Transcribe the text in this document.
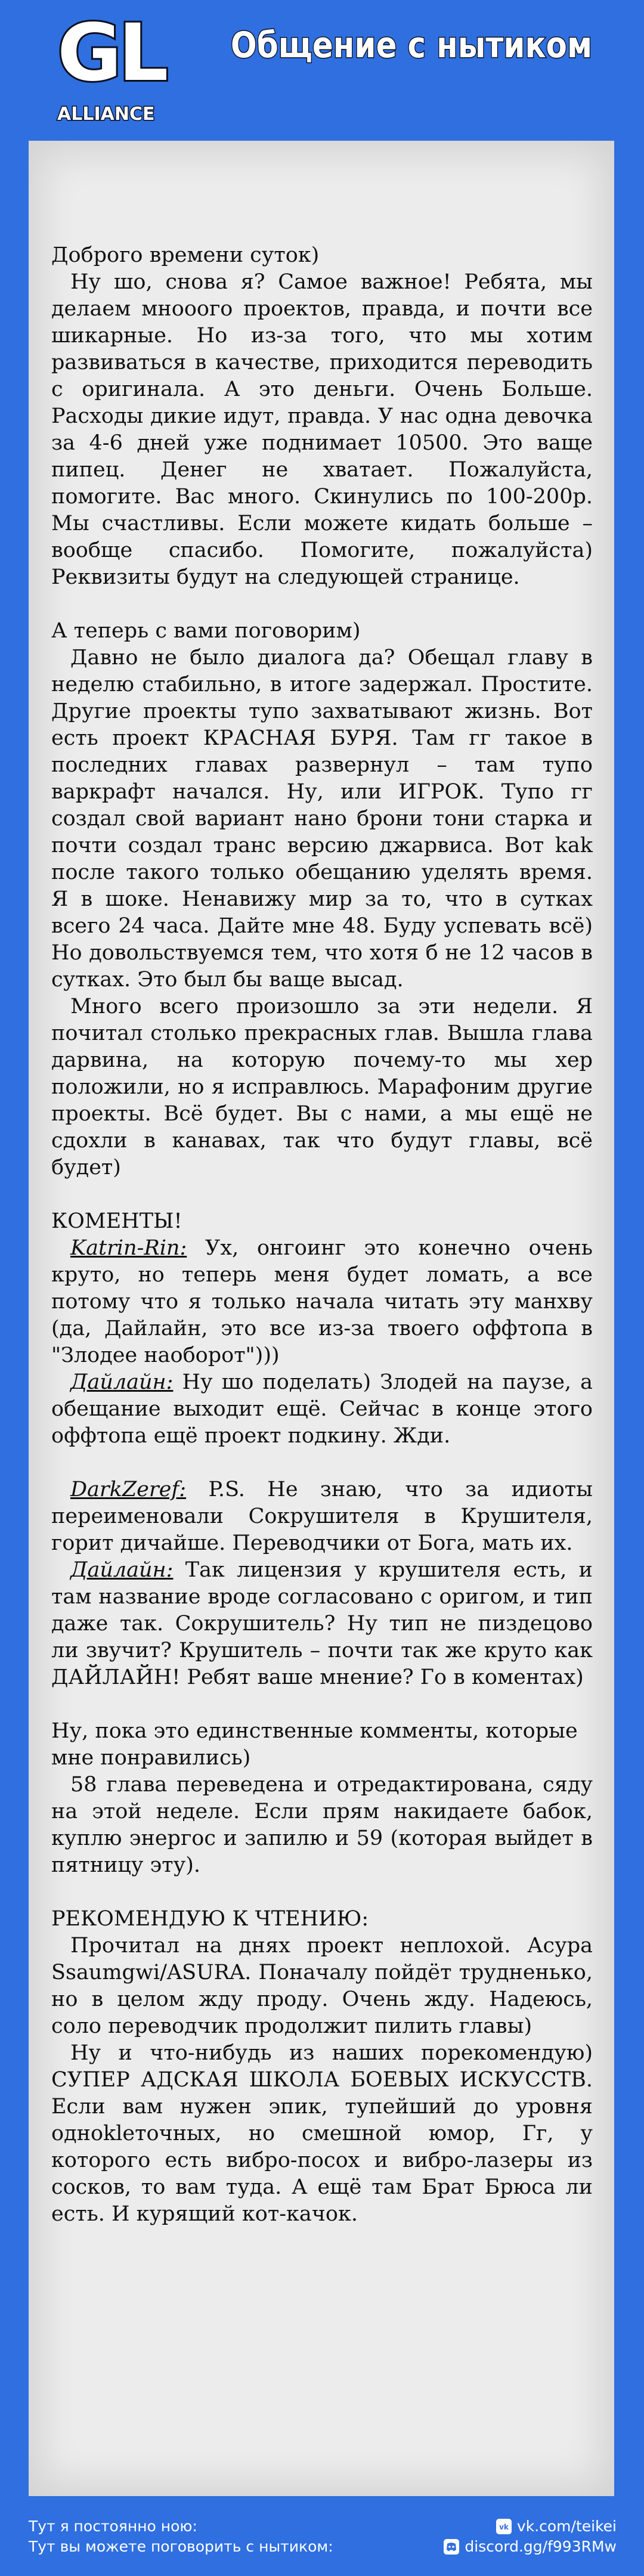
GL
ALLIANCE
Общение с нытиком

Доброго времени суток)

Ну шо, снова я? Самое важное! Ребята, мы делаем мнoooго проектов, правда, и почти все шикарные. Но из-за того, что мы хотим развиваться в качестве, приходится переводить с оригинала. А это деньги. Очень Больше. Расходы дикие идут, правда. У нас одна девочка за 4-6 дней уже поднимает 10500. Это ваще пипец. Денег не хватает. Пожалуйста, помогите. Вас много. Скинулись по 100-200р. Мы счастливы. Если можете кидать больше – вообще спасибо. Помогите, пожалуйста) Реквизиты будут на следующей странице.

А теперь с вами поговорим)

Давно не было диалога да? Обещал главу в неделю стабильно, в итоге задержал. Простите. Другие проекты тупо захватывают жизнь. Вот есть проект КРАСНАЯ БУРЯ. Там гг такое в последних главах развернул – там тупо варкрафт начался. Ну, или ИГРОК. Тупо гг создал свой вариант нано брони тони старка и почти создал транс версию джарвиса. Вот kak после такого только обещанию уделять время. Я в шоке. Ненавижу мир за то, что в сутках всего 24 часа. Дайте мне 48. Буду успевать всё) Но довольствуемся тем, что хотя б не 12 часов в сутках. Это был бы ваще высад.

Много всего произошло за эти недели. Я почитал столько прекрасных глав. Вышла глава дарвина, на которую почему-то мы хер положили, но я исправлюсь. Марафоним другие проекты. Всё будет. Вы с нами, а мы ещё не сдохли в канавах, так что будут главы, всё будет)

КОМЕНТЫ!

Katrin-Rin: Ух, онгоинг это конечно очень круто, но теперь меня будет ломать, а все потому что я только начала читать эту манхву (да, Дайлайн, это все из-за твоего оффтопа в "Злодее наоборот")))

Дайлайн: Ну шо поделать) Злодей на паузе, а обещание выходит ещё. Сейчас в конце этого оффтопа ещё проект подкину. Жди.

DarkZeref: P.S. Не знаю, что за идиоты переименовали Сокрушителя в Крушителя, горит дичайше. Переводчики от Бога, мать их.

Дайлайн: Так лицензия у крушителя есть, и там название вроде согласовано с оригом, и тип даже так. Сокрушитель? Ну тип не пиздецово ли звучит? Крушитель – почти так же круто как ДАЙЛАЙН! Ребят ваше мнение? Го в коментах)

Ну, пока это единственные комменты, которые мне понравились)

58 глава переведена и отредактирована, сяду на этой неделе. Если прям накидаете бабок, куплю энергос и запилю и 59 (которая выйдет в пятницу эту).

РЕКОМЕНДУЮ К ЧТЕНИЮ:

Прочитал на днях проект неплохой. Асура Ssaumgwi/ASURA. Поначалу пойдёт трудненько, но в целом жду проду. Очень жду. Надеюсь, соло переводчик продолжит пилить главы)

Ну и что-нибудь из наших порекомендую) СУПЕР АДСКАЯ ШКОЛА БОЕВЫХ ИСКУССТВ. Если вам нужен эпик, тупейший до уровня однoklеточных, но смешной юмор, Гг, у которого есть вибро-посох и вибро-лазеры из сосков, то вам туда. А ещё там Брат Брюса ли есть. И курящий кот-качок.

Тут я постоянно ною:
Тут вы можете поговорить с нытиком:
vk vk.com/teikei
discord.gg/f993RMw
